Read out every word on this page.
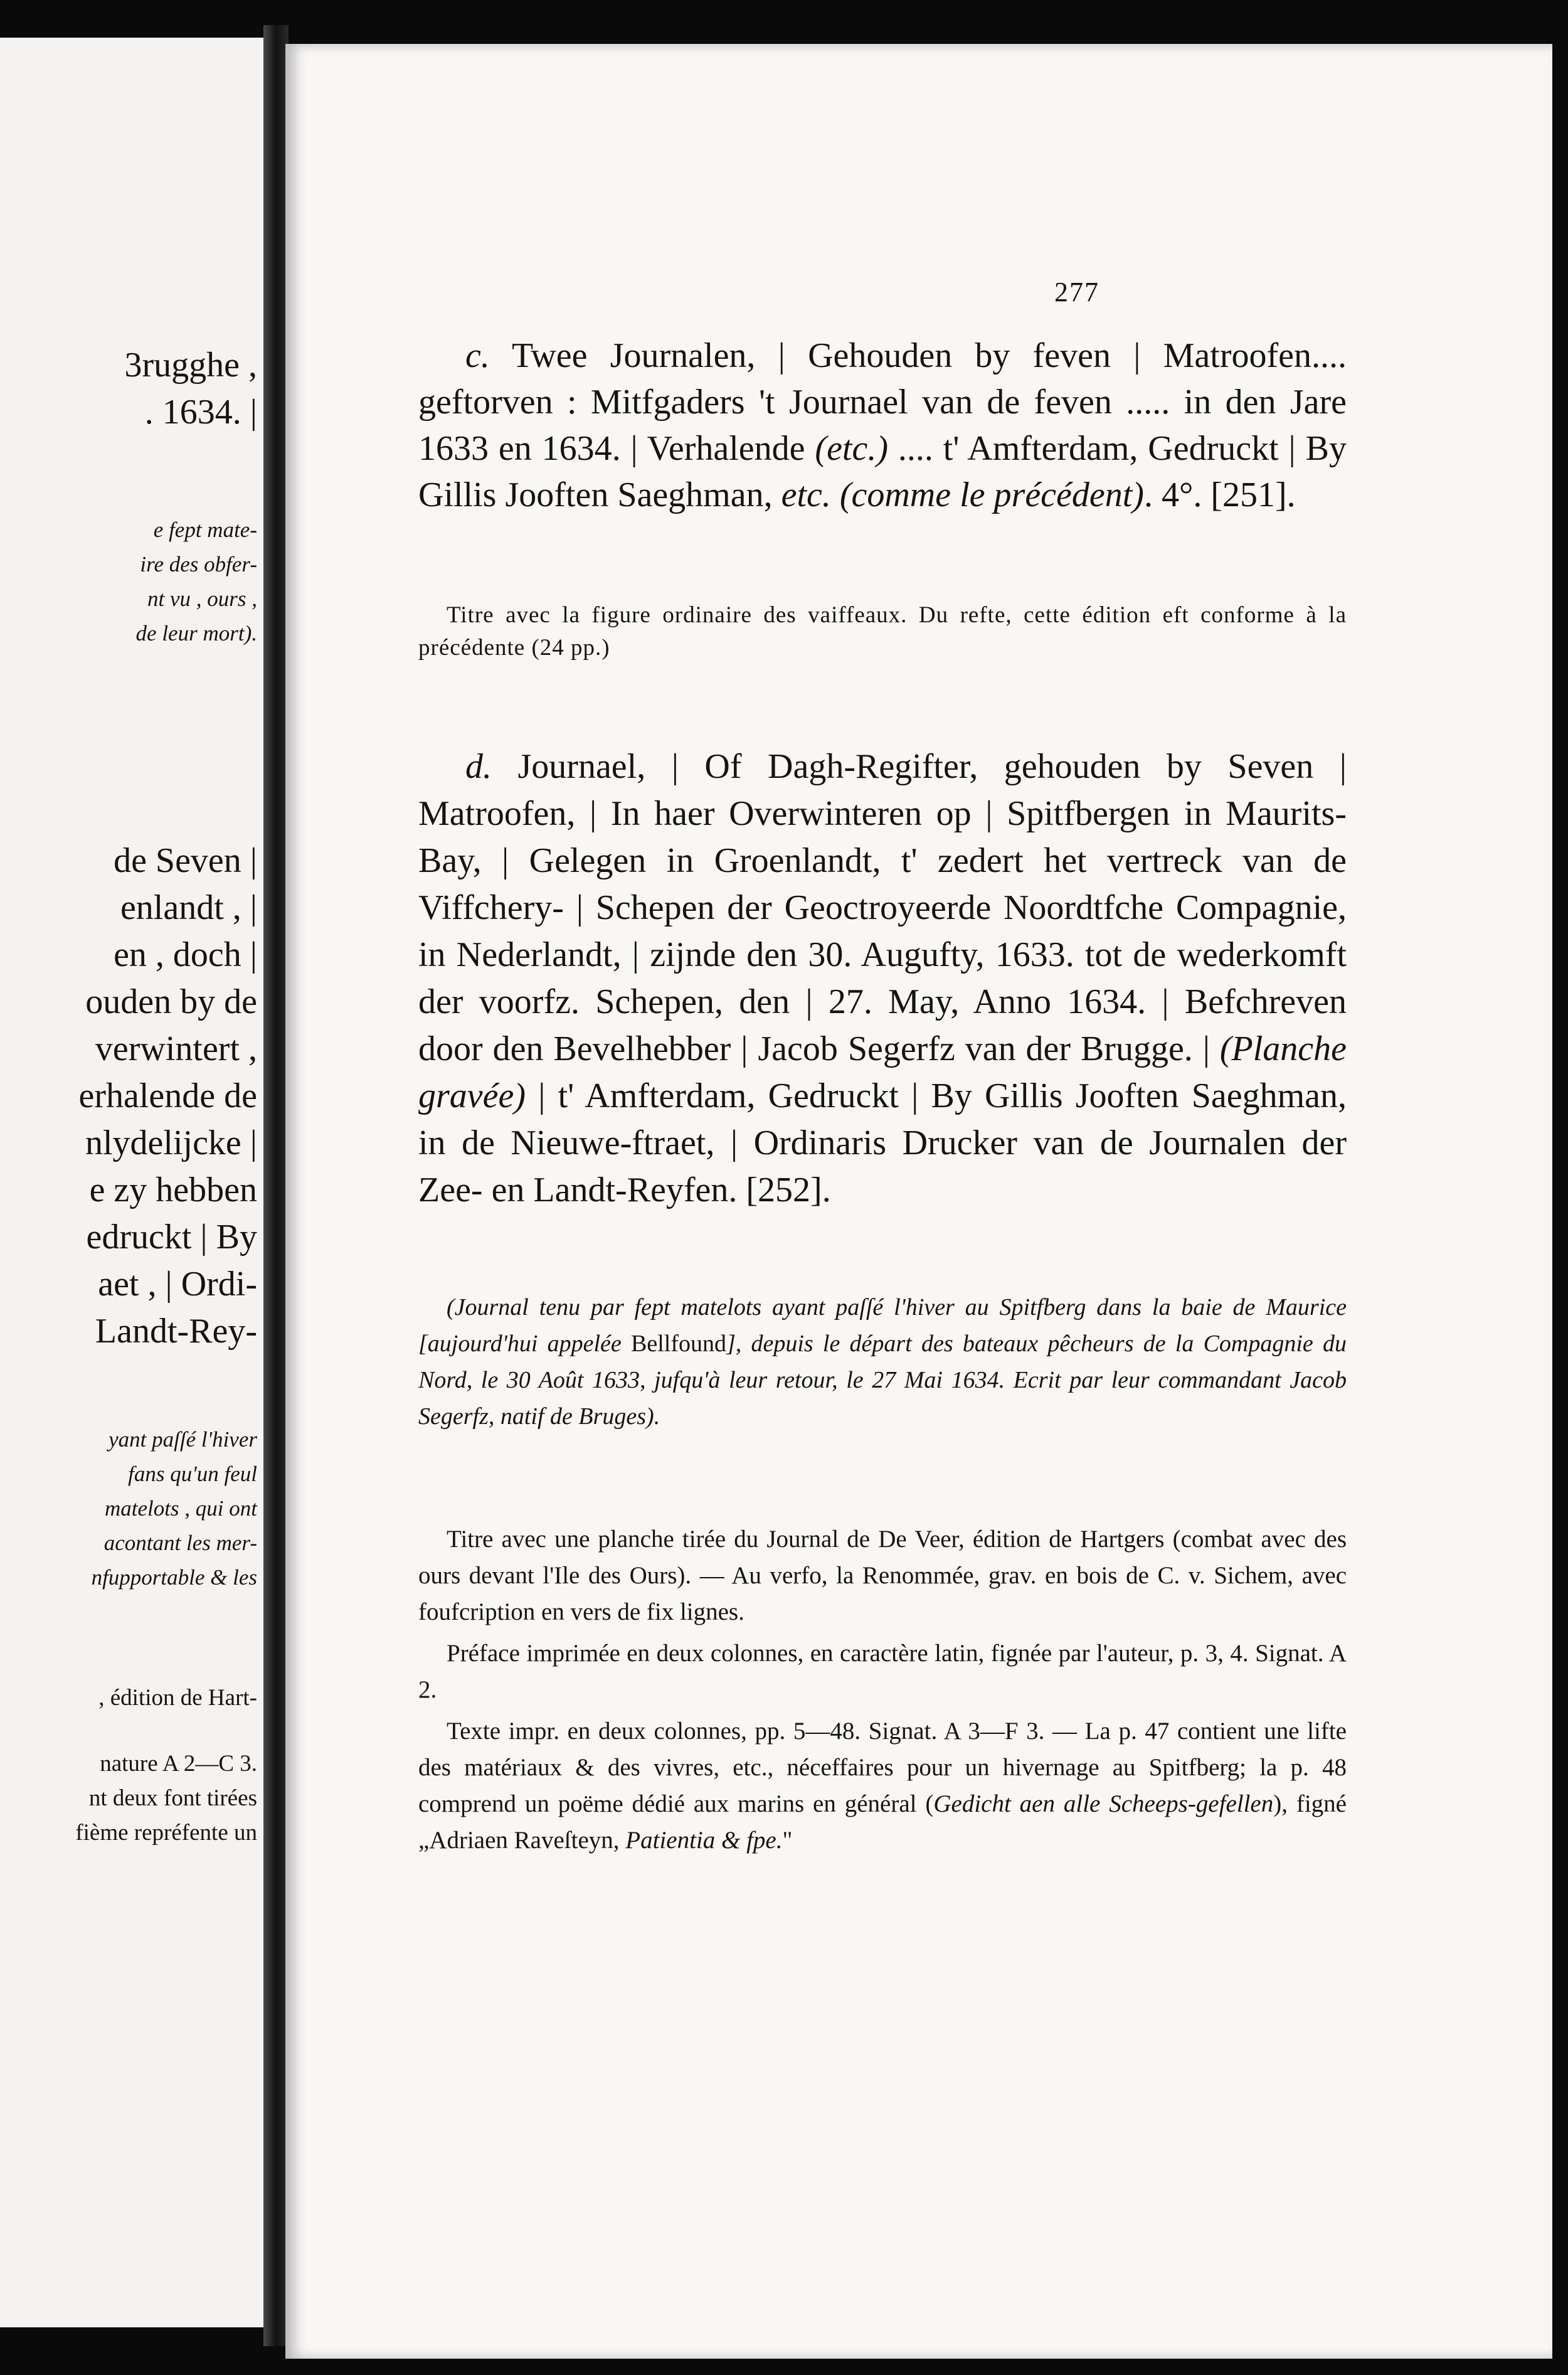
3rugghe ,
. 1634. |
e fept mate-
ire des obfer-
nt vu , ours ,
de leur mort).
de Seven |
enlandt , |
en , doch |
ouden by de
verwintert ,
erhalende de
nlydelijcke |
e zy hebben
edruckt | By
aet , | Ordi-
Landt-Rey-
yant paſſé l'hiver
fans qu'un feul
matelots , qui ont
acontant les mer-
nfupportable & les
, édition de Hart-
nature A 2—C 3.
nt deux font tirées
fième repréfente un
277
c. Twee Journalen, | Gehouden by feven | Matroofen.... geftorven : Mitfgaders 't Journael van de feven ..... in den Jare 1633 en 1634. | Verhalende (etc.) .... t' Amfterdam, Gedruckt | By Gillis Jooften Saeghman, etc. (comme le précédent). 4°. [251].
Titre avec la figure ordinaire des vaiffeaux. Du refte, cette édition eft conforme à la précédente (24 pp.)
d. Journael, | Of Dagh-Regifter, gehouden by Seven | Matroofen, | In haer Overwinteren op | Spitfbergen in Maurits-Bay, | Gelegen in Groenlandt, t' zedert het vertreck van de Viffchery- | Schepen der Geoctroyeerde Noordtfche Compagnie, in Nederlandt, | zijnde den 30. Augufty, 1633. tot de wederkomft der voorfz. Schepen, den | 27. May, Anno 1634. | Befchreven door den Bevelhebber | Jacob Segerfz van der Brugge. | (Planche gravée) | t' Amfterdam, Gedruckt | By Gillis Jooften Saeghman, in de Nieuwe-ftraet, | Ordinaris Drucker van de Journalen der Zee- en Landt-Reyfen. [252].
(Journal tenu par fept matelots ayant paſſé l'hiver au Spitfberg dans la baie de Maurice [aujourd'hui appelée Bellfound], depuis le départ des bateaux pêcheurs de la Compagnie du Nord, le 30 Août 1633, jufqu'à leur retour, le 27 Mai 1634. Ecrit par leur commandant Jacob Segerfz, natif de Bruges).

Titre avec une planche tirée du Journal de De Veer, édition de Hartgers (combat avec des ours devant l'Ile des Ours). — Au verfo, la Renommée, grav. en bois de C. v. Sichem, avec foufcription en vers de fix lignes.

Préface imprimée en deux colonnes, en caractère latin, fignée par l'auteur, p. 3, 4. Signat. A 2.

Texte impr. en deux colonnes, pp. 5—48. Signat. A 3—F 3. — La p. 47 contient une lifte des matériaux & des vivres, etc., néceffaires pour un hivernage au Spitfberg; la p. 48 comprend un poëme dédié aux marins en général (Gedicht aen alle Scheeps-gefellen), figné „Adriaen Raveſteyn, Patientia & fpe."
